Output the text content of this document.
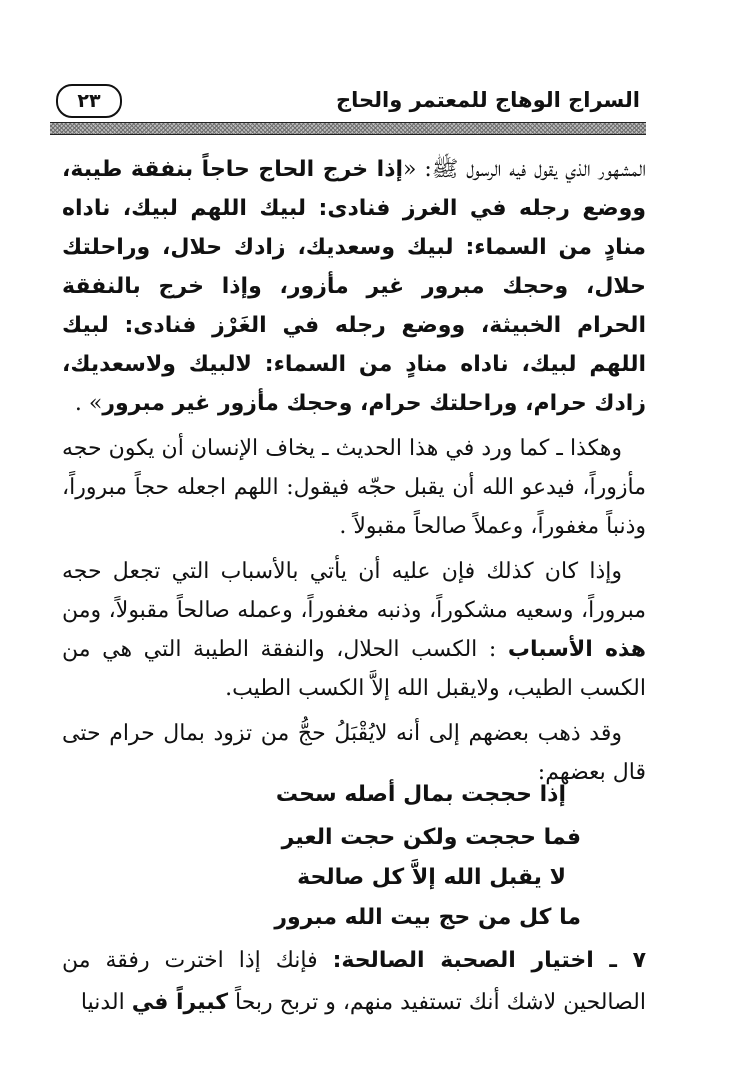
السراج الوهاج للمعتمر والحاج
٢٣

المشهور الذي يقول فيه الرسول ﷺ: «إذا خرج الحاج حاجاً بنفقة طيبة، ووضع رجله في الغرز فنادى: لبيك اللهم لبيك، ناداه منادٍ من السماء: لبيك وسعديك، زادك حلال، وراحلتك حلال، وحجك مبرور غير مأزور، وإذا خرج بالنفقة الحرام الخبيثة، ووضع رجله في الغَرْز فنادى: لبيك اللهم لبيك، ناداه منادٍ من السماء: لالبيك ولاسعديك، زادك حرام، وراحلتك حرام، وحجك مأزور غير مبرور» .

وهكذا ـ كما ورد في هذا الحديث ـ يخاف الإنسان أن يكون حجه مأزوراً، فيدعو الله أن يقبل حجّه فيقول: اللهم اجعله حجاً مبروراً، وذنباً مغفوراً، وعملاً صالحاً مقبولاً .

وإذا كان كذلك فإن عليه أن يأتي بالأسباب التي تجعل حجه مبروراً، وسعيه مشكوراً، وذنبه مغفوراً، وعمله صالحاً مقبولاً، ومن هذه الأسباب : الكسب الحلال، والنفقة الطيبة التي هي من الكسب الطيب، ولايقبل الله إلاَّ الكسب الطيب.

وقد ذهب بعضهم إلى أنه لايُقْبَلُ حجُّ من تزود بمال حرام حتى قال بعضهم:

إذا حججت بمال أصله سحت
فما حججت ولكن حجت العير
لا يقبل الله إلاَّ كل صالحة
ما كل من حج بيت الله مبرور
٧ ـ اختيار الصحبة الصالحة: فإنك إذا اخترت رفقة من الصالحين لاشك أنك تستفيد منهم، و تربح ربحاً كبيراً في الدنيا
